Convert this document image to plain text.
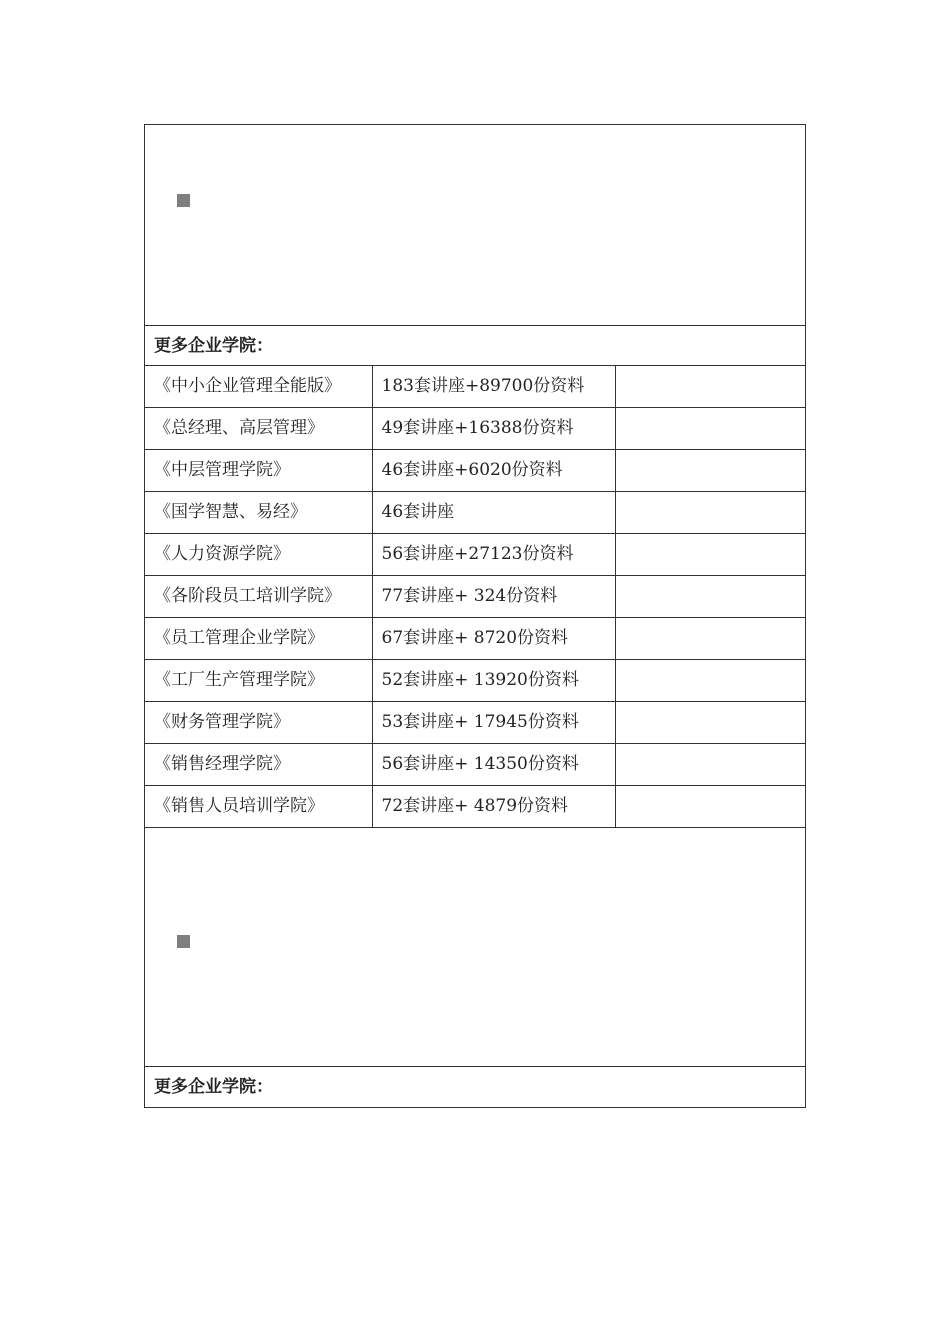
更多企业学院：
《中小企业管理全能版》	183套讲座+89700份资料	
《总经理、高层管理》	49套讲座+16388份资料	
《中层管理学院》	46套讲座+6020份资料	
《国学智慧、易经》	46套讲座	
《人力资源学院》	56套讲座+27123份资料	
《各阶段员工培训学院》	77套讲座+ 324份资料	
《员工管理企业学院》	67套讲座+ 8720份资料	
《工厂生产管理学院》	52套讲座+ 13920份资料	
《财务管理学院》	53套讲座+ 17945份资料	
《销售经理学院》	56套讲座+ 14350份资料	
《销售人员培训学院》	72套讲座+ 4879份资料	
更多企业学院：
